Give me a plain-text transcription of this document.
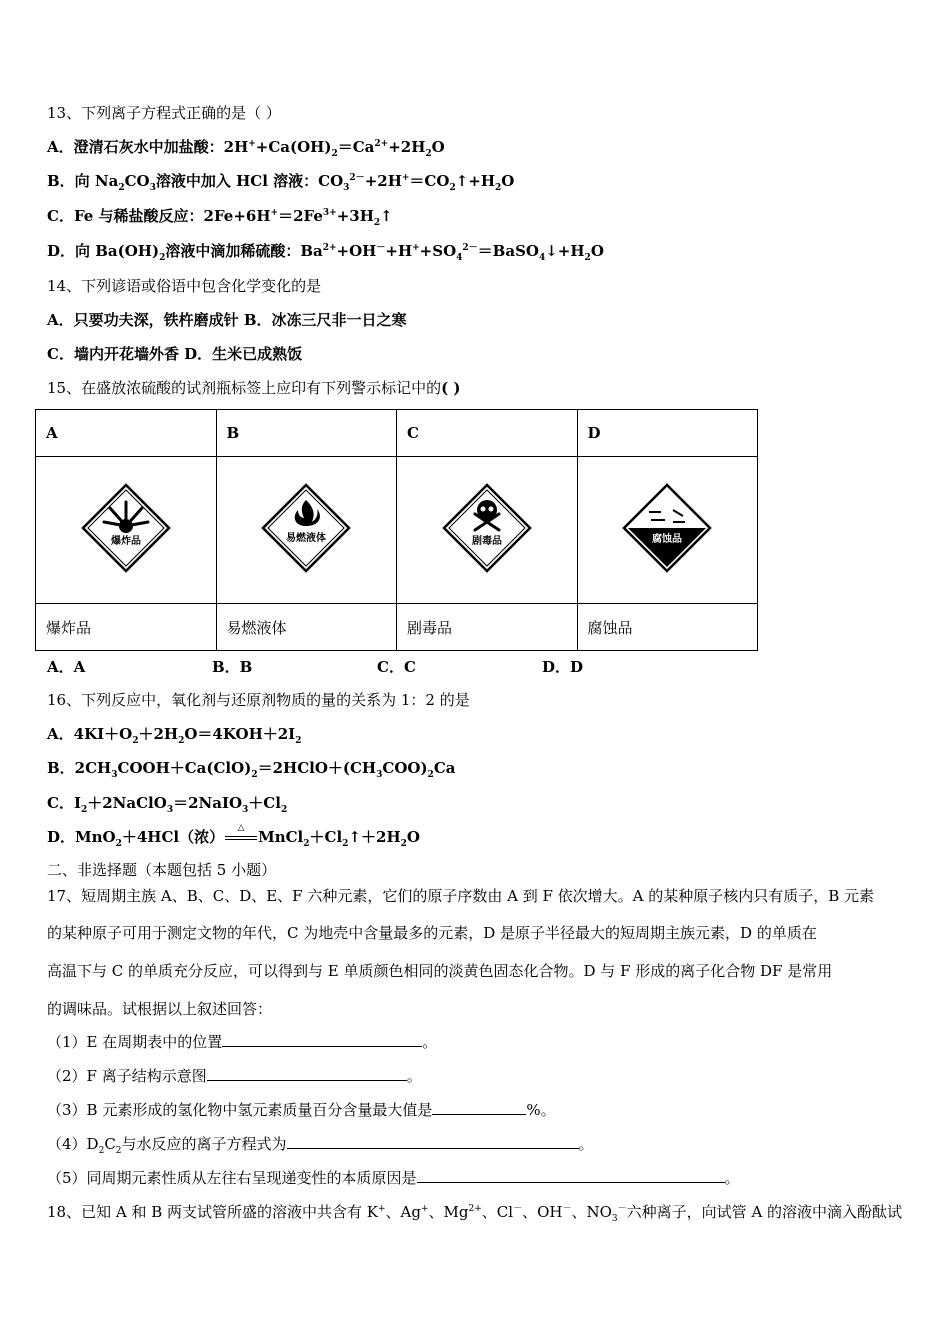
13、下列离子方程式正确的是（ ）
A．澄清石灰水中加盐酸：$2H^++Ca(OH)_2=Ca^{2+}+2H_2O$
B．向 $Na_2CO_3$溶液中加入 HCl 溶液：$CO_3^{2-}+2H^+=CO_2↑+H_2O$
C．Fe 与稀盐酸反应：$2Fe+6H^+=2Fe^{3+}+3H_2↑$
D．向 $Ba(OH)_2$溶液中滴加稀硫酸：$Ba^{2+}+OH^-+H^++SO_4^{2-}=BaSO_4↓+H_2O$
14、下列谚语或俗语中包含化学变化的是
A．只要功夫深，铁杵磨成针 B．冰冻三尺非一日之寒
C．墙内开花墙外香 D．生米已成熟饭
15、在盛放浓硫酸的试剂瓶标签上应印有下列警示标记中的( )
A	B	C	D

爆炸品	易燃液体	剧毒品	腐蚀品

爆炸品	易燃液体	剧毒品	腐蚀品
A．A	B．B	C．C	D．D
16、下列反应中，氧化剂与还原剂物质的量的关系为 1：2 的是
A．$4KI+O_2+2H_2O=4KOH+2I_2$
B．$2CH_3COOH+Ca(ClO)_2=2HClO+(CH_3COO)_2Ca$
C．$I_2+2NaClO_3=2NaIO_3+Cl_2$
D．MnO$_2$＋4HCl（浓）	△ $MnCl_2+Cl_2↑+2H_2O$
二、非选择题（本题包括 5 小题）
17、短周期主族 A、B、C、D、E、F 六种元素，它们的原子序数由 A 到 F 依次增大。A 的某种原子核内只有质子，B 元素
的某种原子可用于测定文物的年代，C 为地壳中含量最多的元素，D 是原子半径最大的短周期主族元素，D 的单质在
高温下与 C 的单质充分反应，可以得到与 E 单质颜色相同的淡黄色固态化合物。D 与 F 形成的离子化合物 DF 是常用
的调味品。试根据以上叙述回答：
（1）E 在周期表中的位置	。
（2）F 离子结构示意图	。
（3）B 元素形成的氢化物中氢元素质量百分含量最大值是	%。
$(4)D_2C_2$与水反应的离子方程式为	。
（5）同周期元素性质从左往右呈现递变性的本质原因是	。
18、已知 A 和 B 两支试管所盛的溶液中共含有 K+、Ag+、$Mg^{2+}$、Cl－、OH－、$NO_3^-$六种离子，向试管 A 的溶液中滴入酚酞试
